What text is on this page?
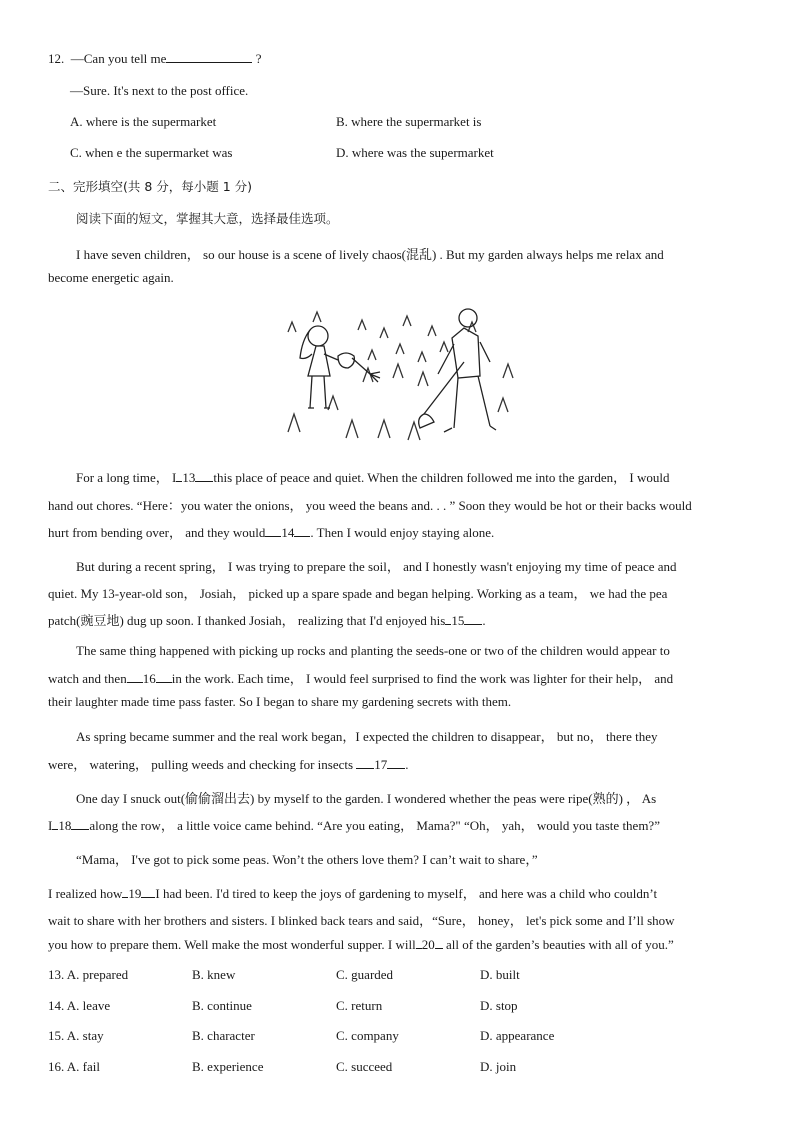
12. —Can you tell me	?
—Sure. It's next to the post office.
A. where is the supermarket	B. where the supermarket is
C. when e the supermarket was	D. where was the supermarket
二、完形填空(共 8 分，每小题 1 分)
阅读下面的短文，掌握其大意，选择最佳选项。
I have seven children， so our house is a scene of lively chaos(混乱) . But my garden always helps me relax and
become energetic again.
For a long time， I 13 this place of peace and quiet. When the children followed me into the garden， I would
hand out chores. “Here：you water the onions， you weed the beans and. . . ” Soon they would be hot or their backs would
hurt from bending over， and they would 14 . Then I would enjoy staying alone.
But during a recent spring， I was trying to prepare the soil， and I honestly wasn't enjoying my time of peace and
quiet. My 13-year-old son， Josiah， picked up a spare spade and began helping. Working as a team， we had the pea
patch(豌豆地) dug up soon. I thanked Josiah， realizing that I'd enjoyed his 15 .
The same thing happened with picking up rocks and planting the seeds-one or two of the children would appear to
watch and then 16 in the work. Each time， I would feel surprised to find the work was lighter for their help， and
their laughter made time pass faster. So I began to share my gardening secrets with them.
As spring became summer and the real work began，I expected the children to disappear， but no， there they
were， watering， pulling weeds and checking for insects 17 .
One day I snuck out(偷偷溜出去) by myself to the garden. I wondered whether the peas were ripe(熟的) ， As
I 18 along the row， a little voice came behind. “Are you eating， Mama?" “Oh， yah， would you taste them?”
“Mama， I've got to pick some peas. Won’t the others love them? I can’t wait to share，”
I realized how 19 I had been. I'd tired to keep the joys of gardening to myself， and here was a child who couldn’t
wait to share with her brothers and sisters. I blinked back tears and said，“Sure， honey， let's pick some and I’ll show
you how to prepare them. Well make the most wonderful supper. I will 20 all of the garden’s beauties with all of you.”
13. A. prepared	B. knew	C. guarded	D. built
14. A. leave	B. continue	C. return	D. stop
15. A. stay	B. character	C. company	D. appearance
16. A. fail	B. experience	C. succeed	D. join
